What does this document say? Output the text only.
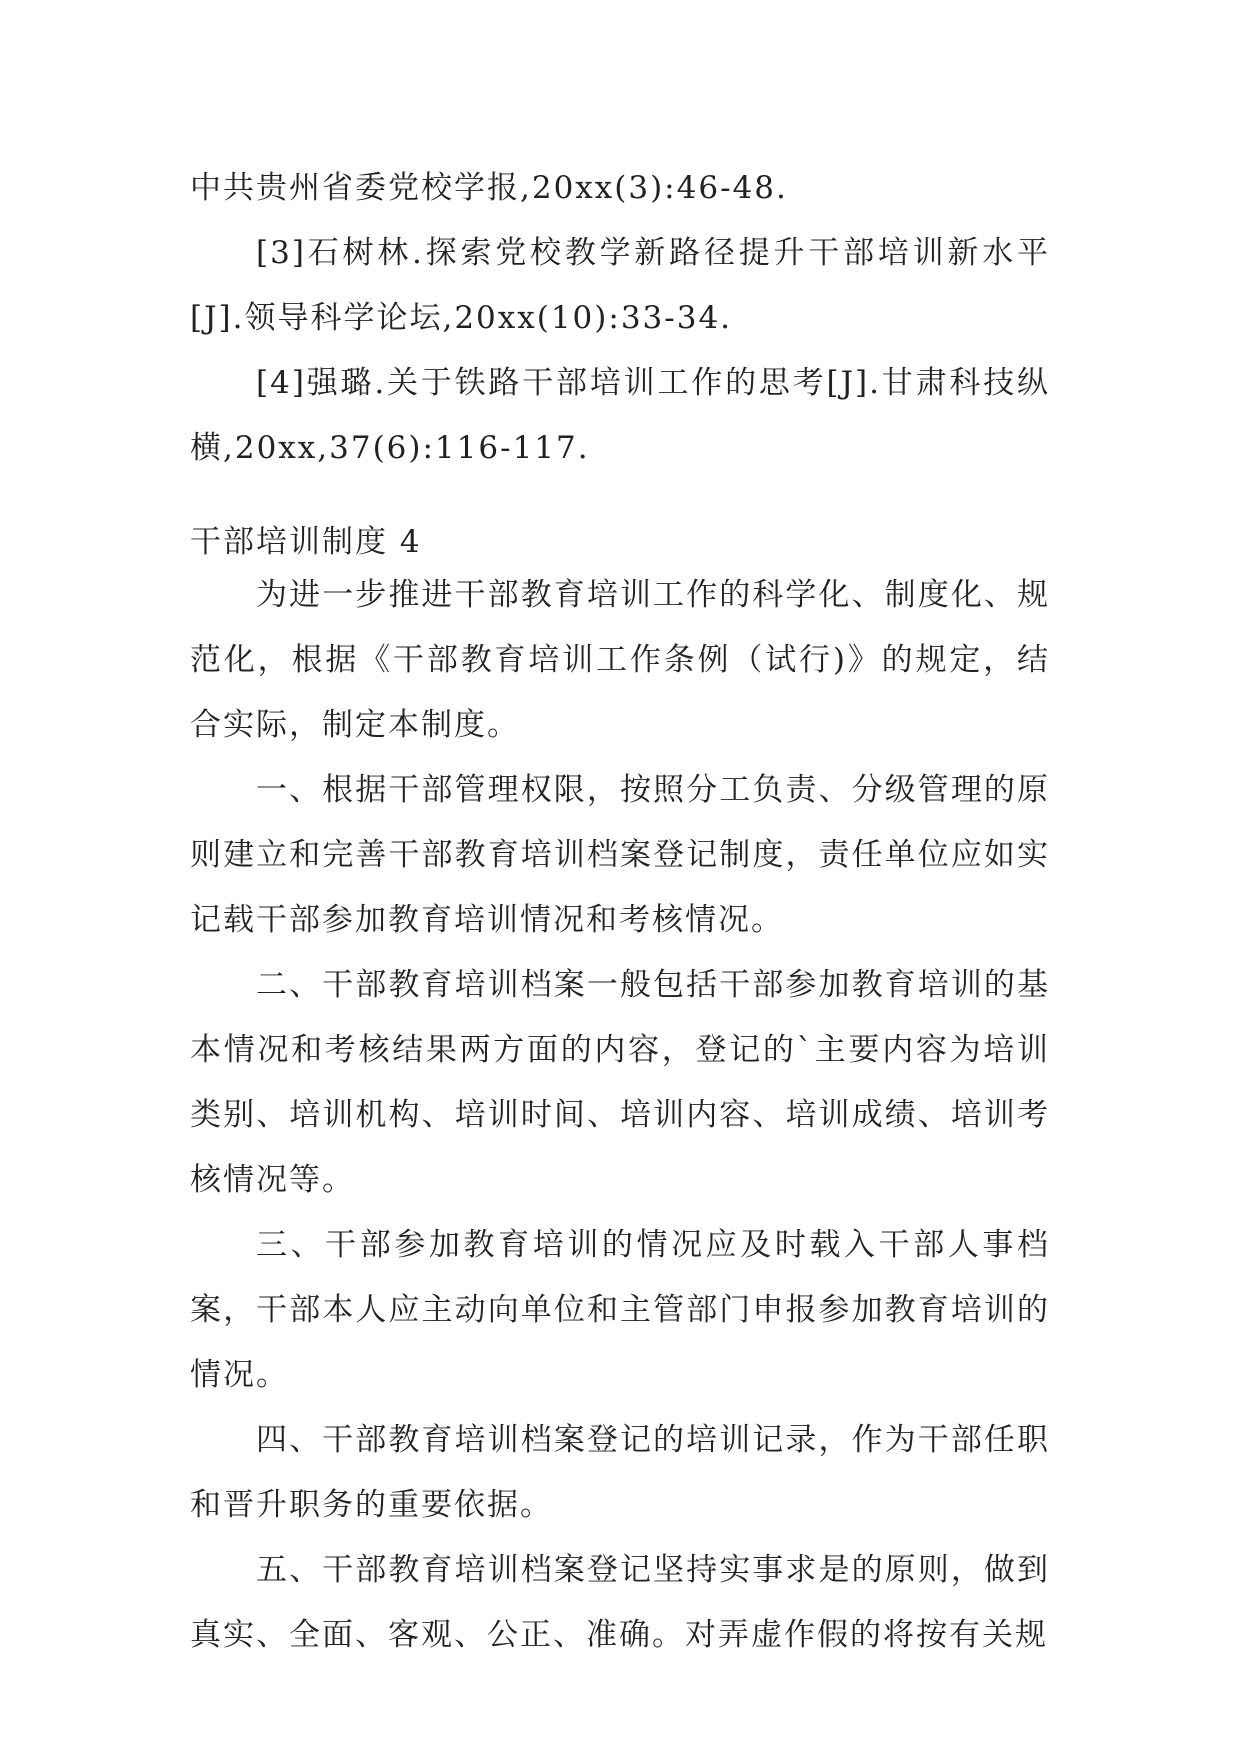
中共贵州省委党校学报,20xx(3):46-48.

[3]石树林.探索党校教学新路径提升干部培训新水平[J].领导科学论坛,20xx(10):33-34.

[4]强璐.关于铁路干部培训工作的思考[J].甘肃科技纵横,20xx,37(6):116-117.

干部培训制度 4

为进一步推进干部教育培训工作的科学化、制度化、规范化，根据《干部教育培训工作条例（试行)》的规定，结合实际，制定本制度。

一、根据干部管理权限，按照分工负责、分级管理的原则建立和完善干部教育培训档案登记制度，责任单位应如实记载干部参加教育培训情况和考核情况。

二、干部教育培训档案一般包括干部参加教育培训的基本情况和考核结果两方面的内容，登记的`主要内容为培训类别、培训机构、培训时间、培训内容、培训成绩、培训考核情况等。

三、干部参加教育培训的情况应及时载入干部人事档案，干部本人应主动向单位和主管部门申报参加教育培训的情况。

四、干部教育培训档案登记的培训记录，作为干部任职和晋升职务的重要依据。

五、干部教育培训档案登记坚持实事求是的原则，做到真实、全面、客观、公正、准确。对弄虚作假的将按有关规
